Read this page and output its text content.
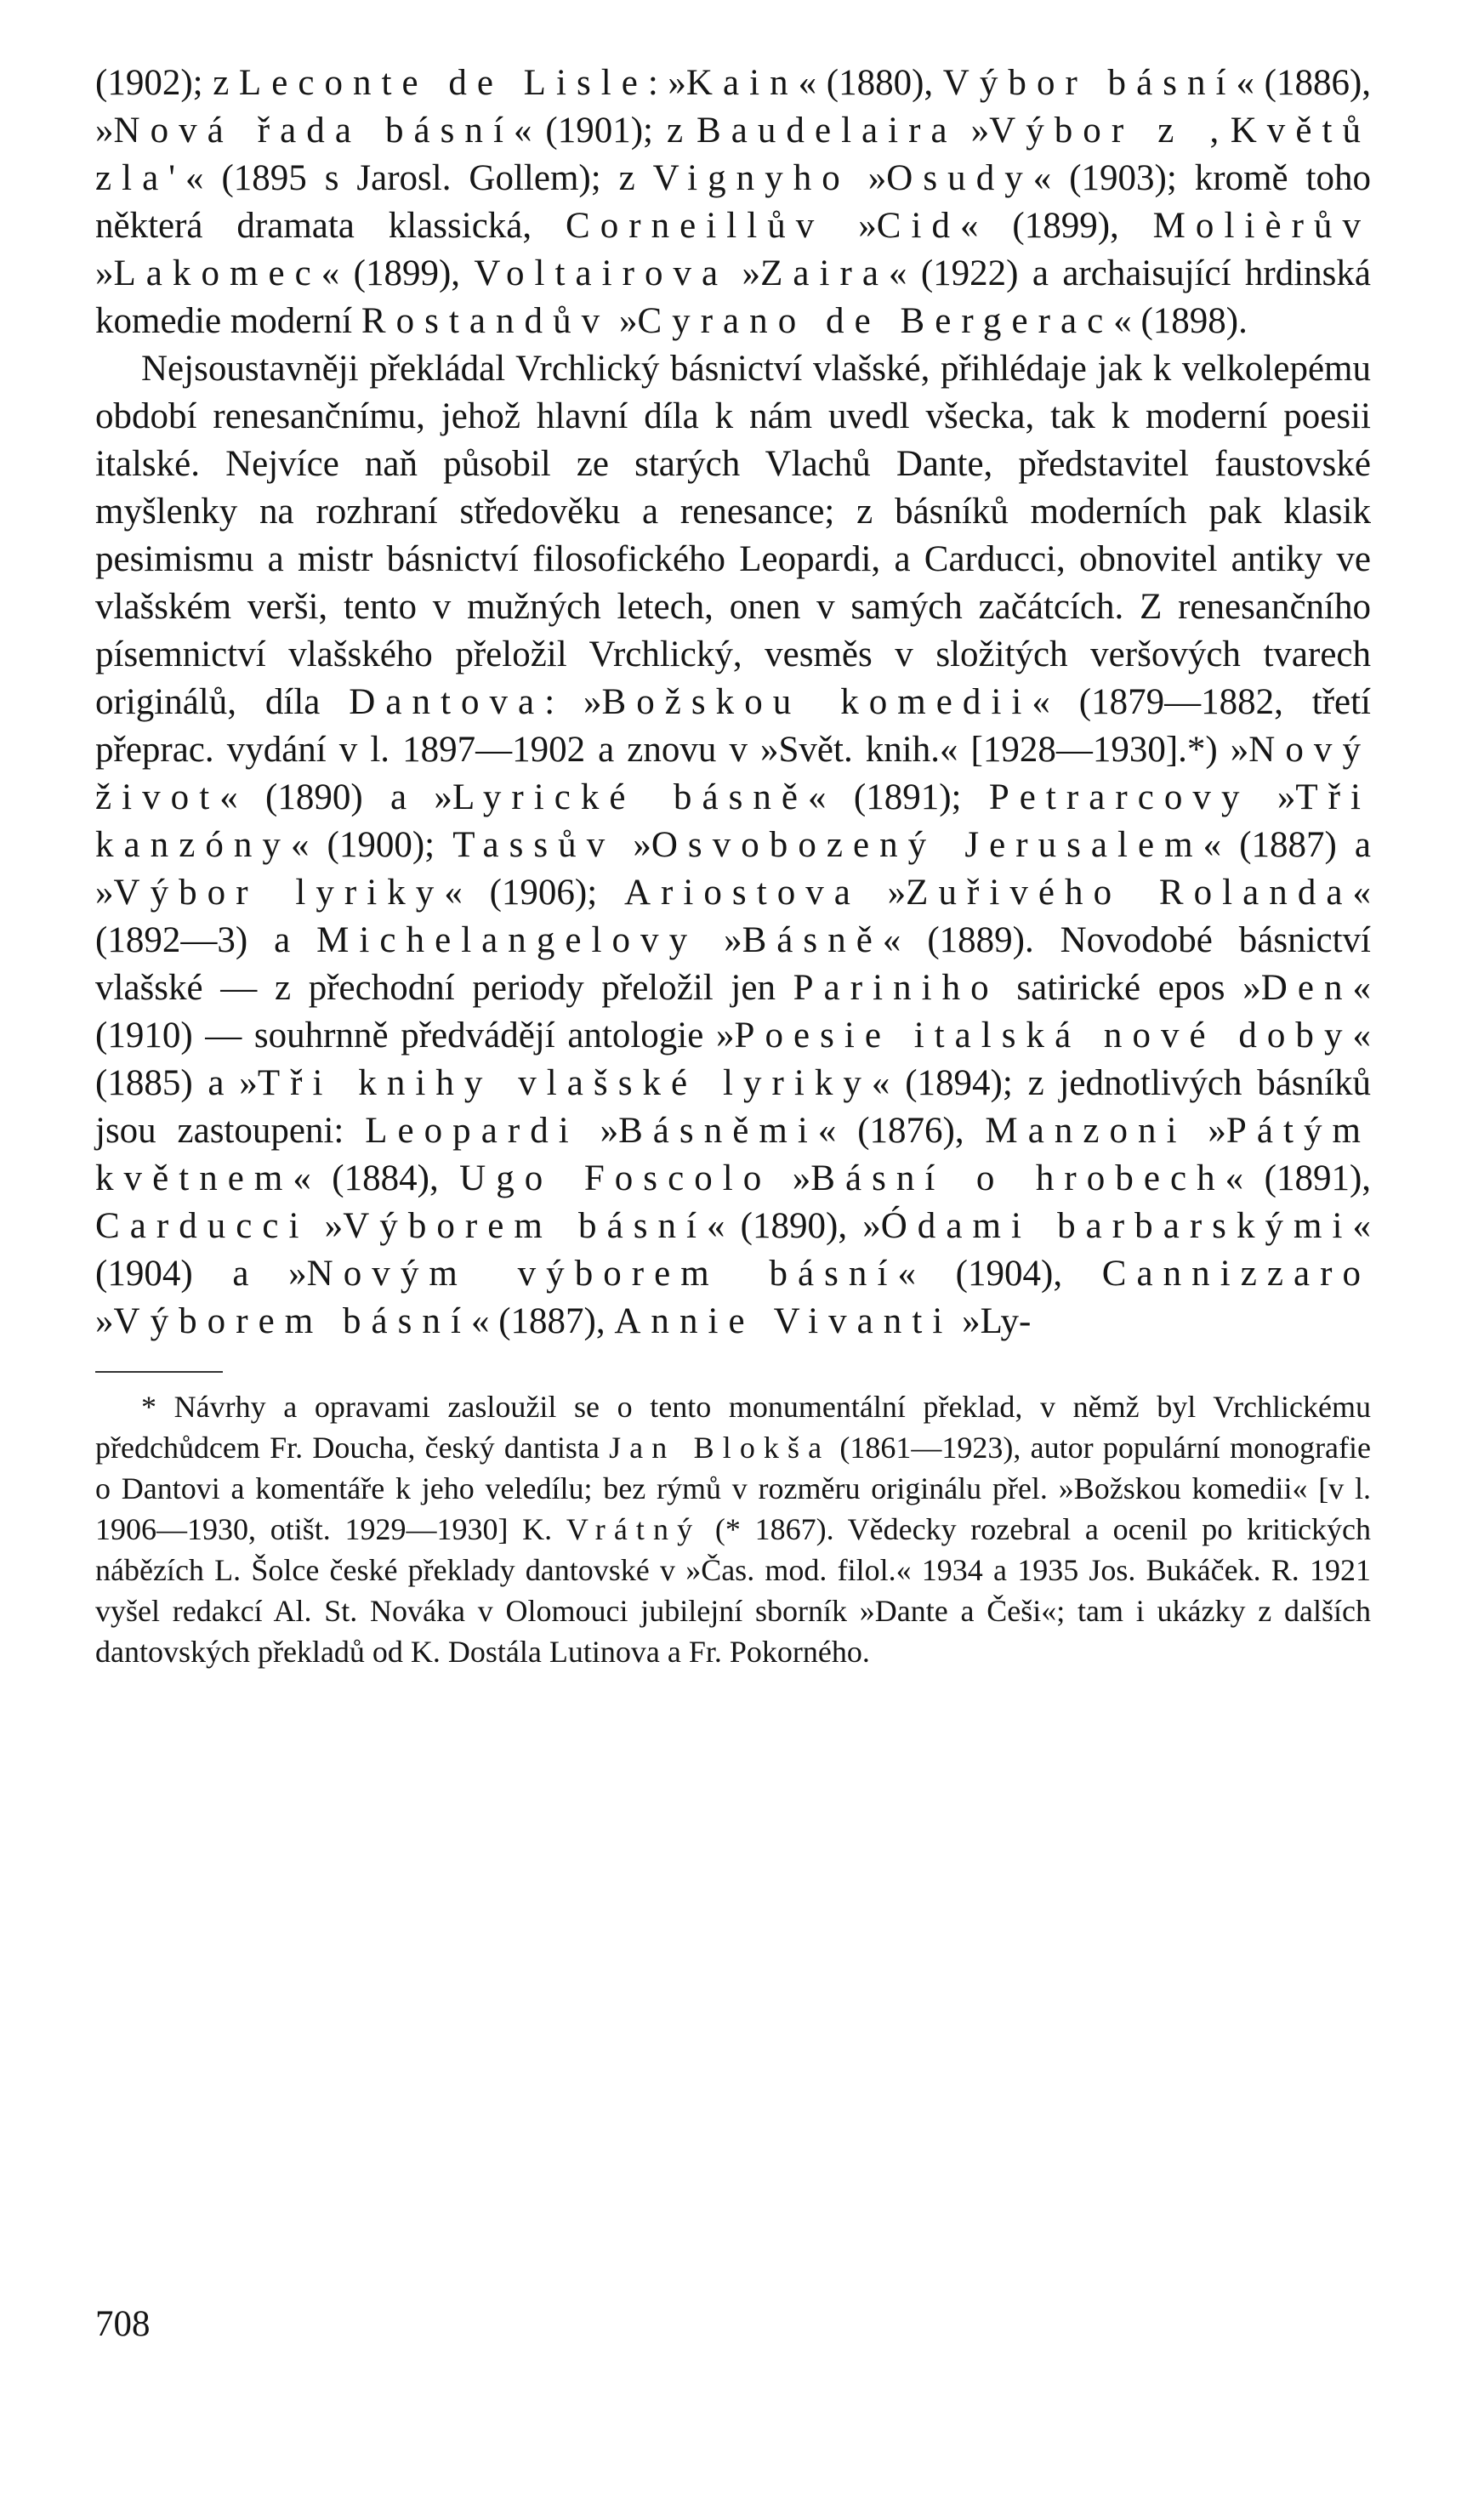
(1902); z Leconte de Lisle: »Kain« (1880), Výbor básní« (1886), »Nová řada básní« (1901); z Baudelaira »Výbor z ‚Květů zla'« (1895 s Jarosl. Gollem); z Vignyho »Osudy« (1903); kromě toho některá dramata klassická, Corneillův »Cid« (1899), Molièrův »Lakomec« (1899), Voltairova »Zaira« (1922) a archaisující hrdinská komedie moderní Rostandův »Cyrano de Bergerac« (1898).

Nejsoustavněji překládal Vrchlický básnictví vlašské, přihlédaje jak k velkolepému období renesančnímu, jehož hlavní díla k nám uvedl všecka, tak k moderní poesii italské. Nejvíce naň působil ze starých Vlachů Dante, představitel faustovské myšlenky na rozhraní středověku a renesance; z básníků moderních pak klasik pesimismu a mistr básnictví filosofického Leopardi, a Carducci, obnovitel antiky ve vlašském verši, tento v mužných letech, onen v samých začátcích. Z renesančního písemnictví vlašského přeložil Vrchlický, vesměs v složitých veršových tvarech originálů, díla Dantova: »Božskou komedii« (1879—1882, třetí přeprac. vydání v l. 1897—1902 a znovu v »Svět. knih.« [1928—1930].*) »Nový život« (1890) a »Lyrické básně« (1891); Petrarcovy »Tři kanzóny« (1900); Tassův »Osvobozený Jerusalem« (1887) a »Výbor lyriky« (1906); Ariostova »Zuřivého Rolanda« (1892—3) a Michelangelovy »Básně« (1889). Novodobé básnictví vlašské — z přechodní periody přeložil jen Pariniho satirické epos »Den« (1910) — souhrnně předvádějí antologie »Poesie italská nové doby« (1885) a »Tři knihy vlašské lyriky« (1894); z jednotlivých básníků jsou zastoupeni: Leopardi »Básněmi« (1876), Manzoni »Pátým květnem« (1884), Ugo Foscolo »Básní o hrobech« (1891), Carducci »Výborem básní« (1890), »Ódami barbarskými« (1904) a »Novým výborem básní« (1904), Cannizzaro »Výborem básní« (1887), Annie Vivanti »Ly-

* Návrhy a opravami zasloužil se o tento monumentální překlad, v němž byl Vrchlickému předchůdcem Fr. Doucha, český dantista Jan Blokša (1861—1923), autor populární monografie o Dantovi a komentáře k jeho veledílu; bez rýmů v rozměru originálu přel. »Božskou komedii« [v l. 1906—1930, otišt. 1929—1930] K. Vrátný (* 1867). Vědecky rozebral a ocenil po kritických nábězích L. Šolce české překlady dantovské v »Čas. mod. filol.« 1934 a 1935 Jos. Bukáček. R. 1921 vyšel redakcí Al. St. Nováka v Olomouci jubilejní sborník »Dante a Češi«; tam i ukázky z dalších dantovských překladů od K. Dostála Lutinova a Fr. Pokorného.

708
